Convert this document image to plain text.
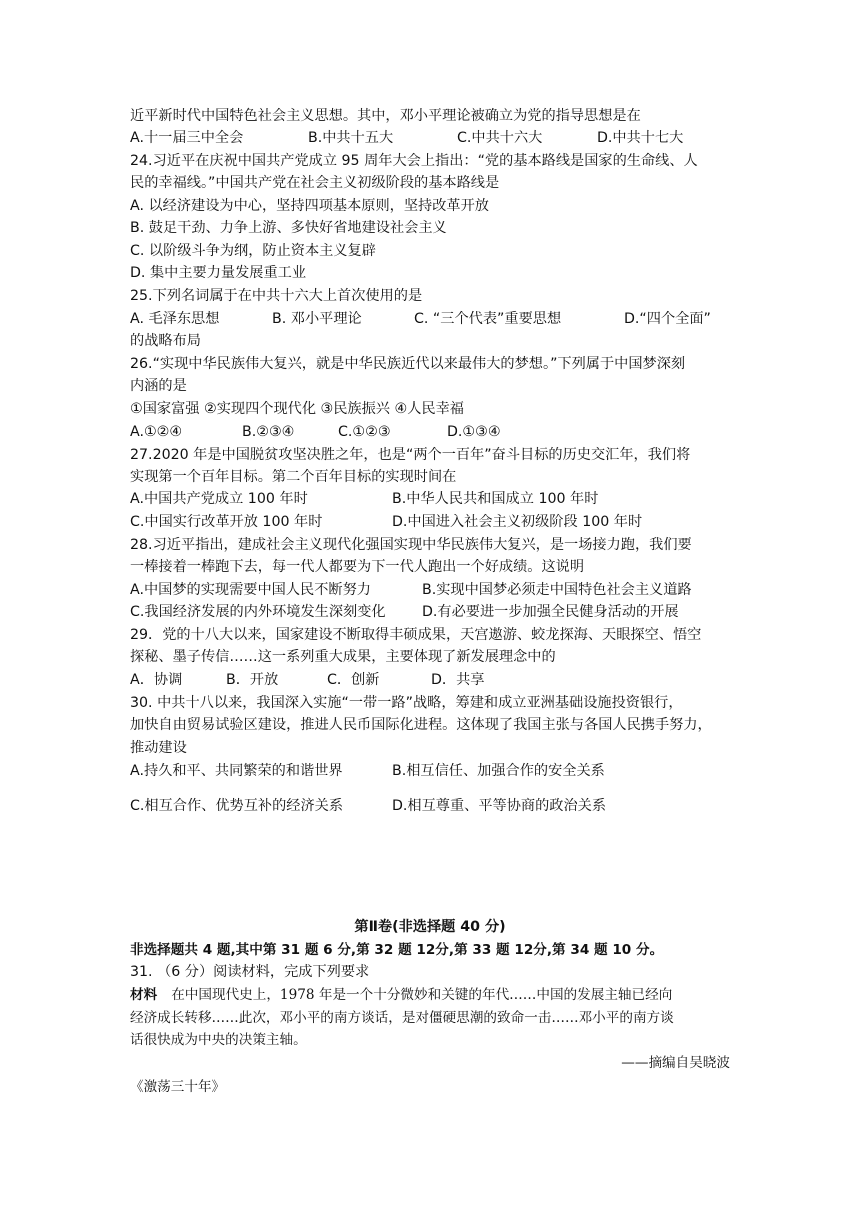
近平新时代中国特色社会主义思想。其中，邓小平理论被确立为党的指导思想是在
A.十一届三中全会	B.中共十五大	C.中共十六大	D.中共十七大
24.习近平在庆祝中国共产党成立 95 周年大会上指出：“党的基本路线是国家的生命线、人
民的幸福线。”中国共产党在社会主义初级阶段的基本路线是
A. 以经济建设为中心，坚持四项基本原则，坚持改革开放
B. 鼓足干劲、力争上游、多快好省地建设社会主义
C. 以阶级斗争为纲，防止资本主义复辟
D. 集中主要力量发展重工业
25.下列名词属于在中共十六大上首次使用的是
A. 毛泽东思想	B. 邓小平理论	C. “三个代表”重要思想	D.“四个全面”
的战略布局
26.“实现中华民族伟大复兴，就是中华民族近代以来最伟大的梦想。”下列属于中国梦深刻
内涵的是
①国家富强 ②实现四个现代化 ③民族振兴 ④人民幸福
A.①②④	B.②③④	C.①②③	D.①③④
27.2020 年是中国脱贫攻坚决胜之年，也是“两个一百年”奋斗目标的历史交汇年，我们将
实现第一个百年目标。第二个百年目标的实现时间在
A.中国共产党成立 100 年时	B.中华人民共和国成立 100 年时
C.中国实行改革开放 100 年时	D.中国进入社会主义初级阶段 100 年时
28.习近平指出，建成社会主义现代化强国实现中华民族伟大复兴，是一场接力跑，我们要
一棒接着一棒跑下去，每一代人都要为下一代人跑出一个好成绩。这说明
A.中国梦的实现需要中国人民不断努力	B.实现中国梦必须走中国特色社会主义道路
C.我国经济发展的内外环境发生深刻变化	D.有必要进一步加强全民健身活动的开展
29．党的十八大以来，国家建设不断取得丰硕成果，天宫遨游、蛟龙探海、天眼探空、悟空
探秘、墨子传信……这一系列重大成果，主要体现了新发展理念中的
A．协调	B．开放	C．创新	D．共享
30. 中共十八以来，我国深入实施“一带一路”战略，筹建和成立亚洲基础设施投资银行，
加快自由贸易试验区建设，推进人民币国际化进程。这体现了我国主张与各国人民携手努力，
推动建设
A.持久和平、共同繁荣的和谐世界	B.相互信任、加强合作的安全关系
C.相互合作、优势互补的经济关系	D.相互尊重、平等协商的政治关系
第Ⅱ卷(非选择题 40 分)
非选择题共 4 题,其中第 31 题 6 分,第 32 题 12分,第 33 题 12分,第 34 题 10 分。
31. （6 分）阅读材料，完成下列要求
材料 在中国现代史上，1978 年是一个十分微妙和关键的年代……中国的发展主轴已经向
经济成长转移……此次，邓小平的南方谈话，是对僵硬思潮的致命一击……邓小平的南方谈
话很快成为中央的决策主轴。
——摘编自吴晓波
《激荡三十年》
